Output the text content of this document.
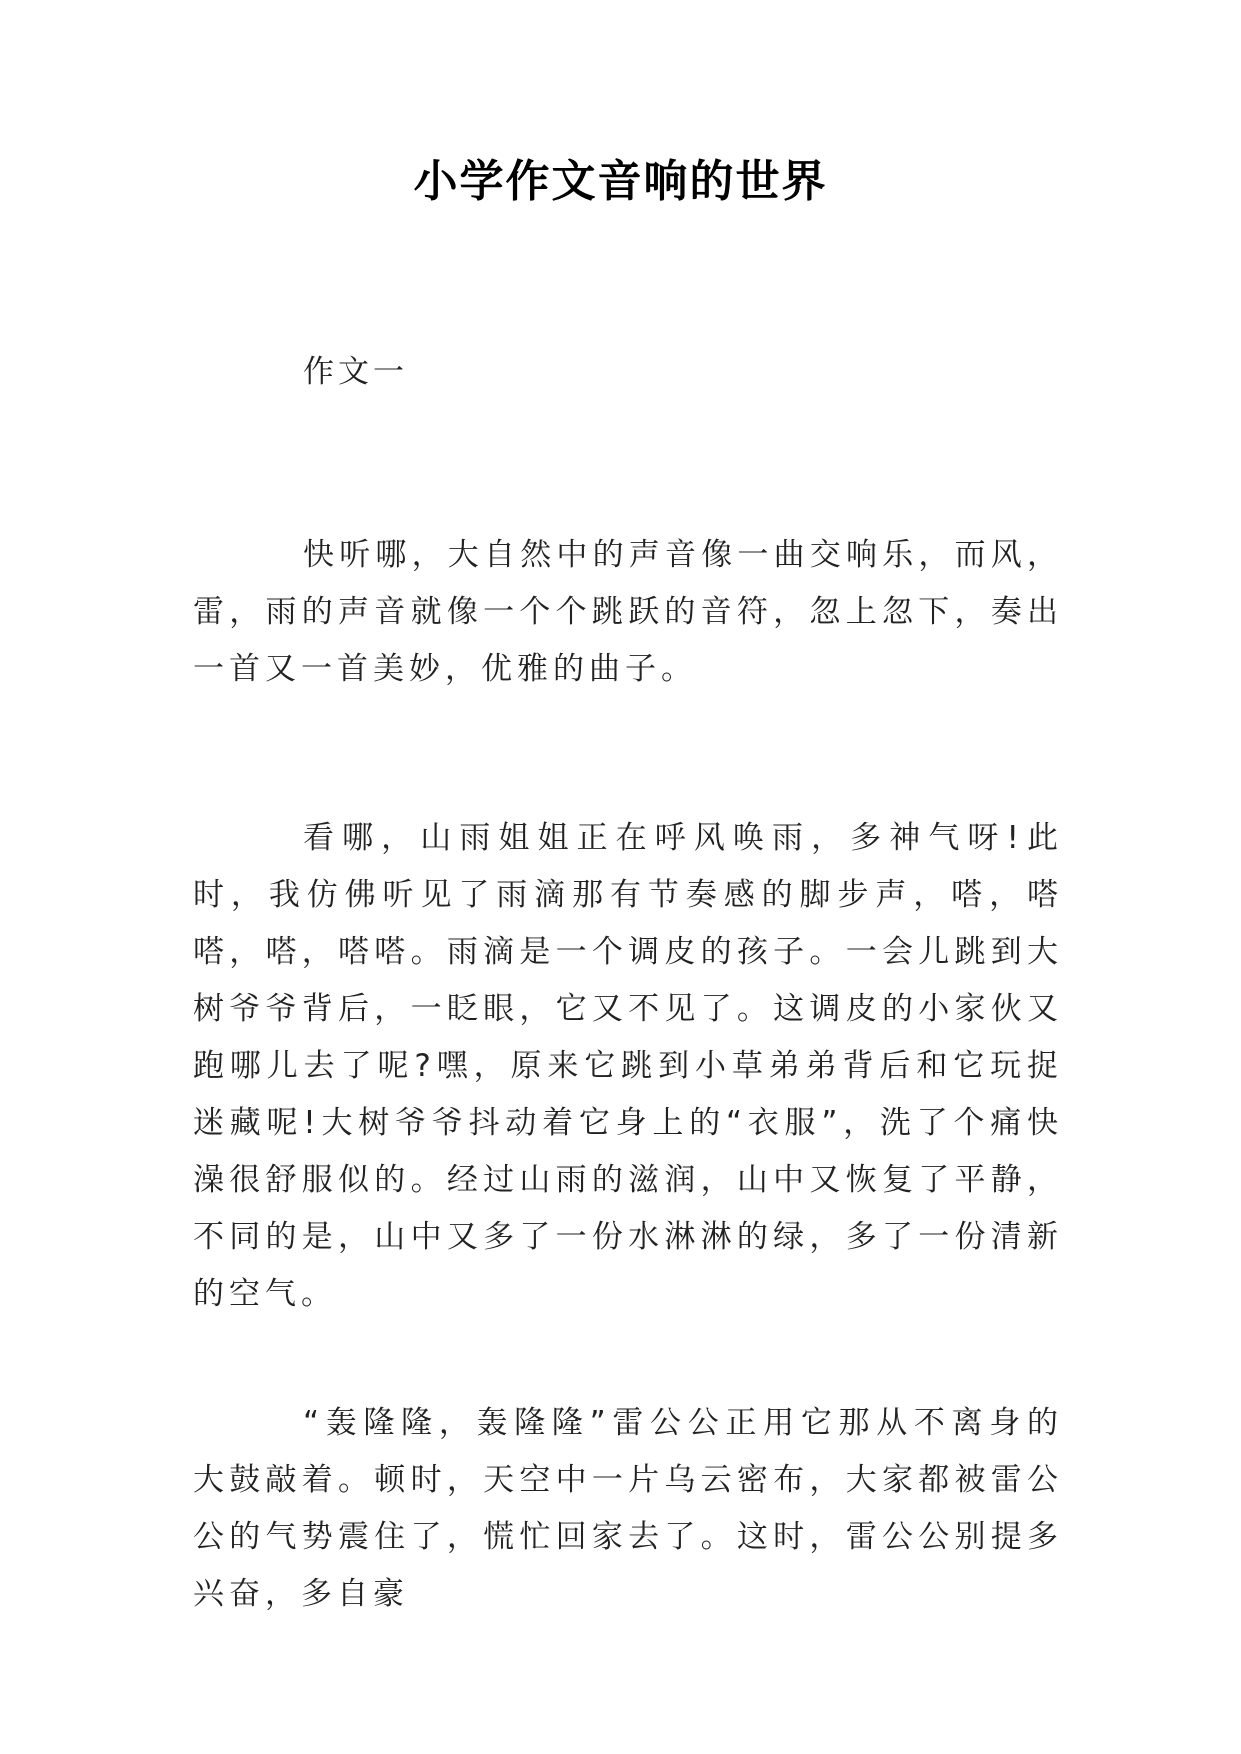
小学作文音响的世界
作文一

快听哪，大自然中的声音像一曲交响乐，而风，雷，雨的声音就像一个个跳跃的音符，忽上忽下，奏出一首又一首美妙，优雅的曲子。

看哪，山雨姐姐正在呼风唤雨，多神气呀!此时，我仿佛听见了雨滴那有节奏感的脚步声，嗒，嗒嗒，嗒，嗒嗒。雨滴是一个调皮的孩子。一会儿跳到大树爷爷背后，一眨眼，它又不见了。这调皮的小家伙又跑哪儿去了呢?嘿，原来它跳到小草弟弟背后和它玩捉迷藏呢!大树爷爷抖动着它身上的“衣服”，洗了个痛快澡很舒服似的。经过山雨的滋润，山中又恢复了平静，不同的是，山中又多了一份水淋淋的绿，多了一份清新的空气。

“轰隆隆，轰隆隆”雷公公正用它那从不离身的大鼓敲着。顿时，天空中一片乌云密布，大家都被雷公公的气势震住了，慌忙回家去了。这时，雷公公别提多兴奋，多自豪
